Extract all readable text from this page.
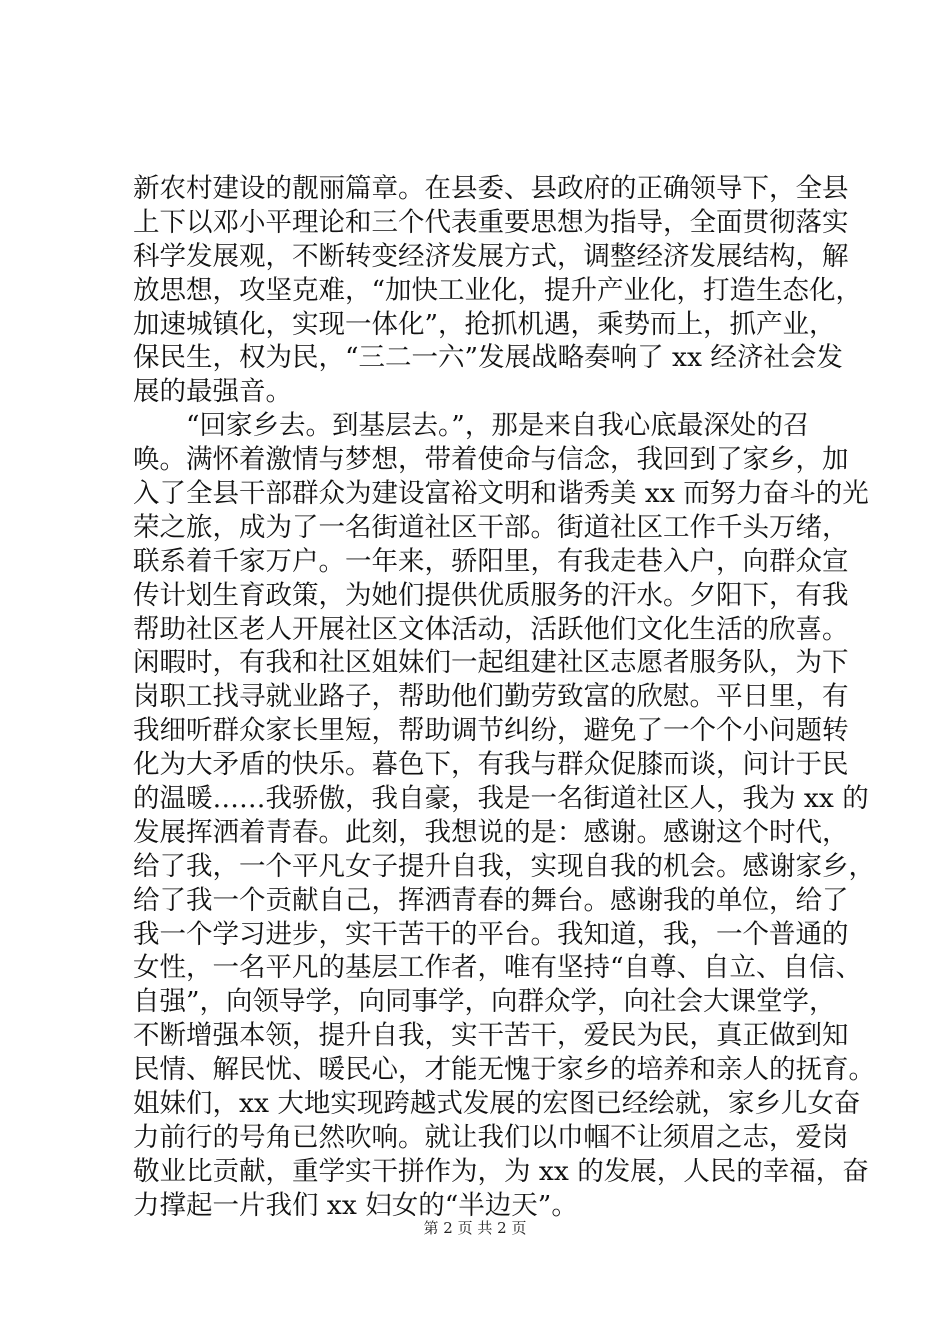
新农村建设的靓丽篇章。在县委、县政府的正确领导下，全县
上下以邓小平理论和三个代表重要思想为指导，全面贯彻落实
科学发展观，不断转变经济发展方式，调整经济发展结构，解
放思想，攻坚克难，“加快工业化，提升产业化，打造生态化，
加速城镇化，实现一体化”，抢抓机遇，乘势而上，抓产业，
保民生，权为民，“三二一六”发展战略奏响了 xx 经济社会发
展的最强音。
“回家乡去。到基层去。”，那是来自我心底最深处的召
唤。满怀着激情与梦想，带着使命与信念，我回到了家乡，加
入了全县干部群众为建设富裕文明和谐秀美 xx 而努力奋斗的光
荣之旅，成为了一名街道社区干部。街道社区工作千头万绪，
联系着千家万户。一年来，骄阳里，有我走巷入户，向群众宣
传计划生育政策，为她们提供优质服务的汗水。夕阳下，有我
帮助社区老人开展社区文体活动，活跃他们文化生活的欣喜。
闲暇时，有我和社区姐妹们一起组建社区志愿者服务队，为下
岗职工找寻就业路子，帮助他们勤劳致富的欣慰。平日里，有
我细听群众家长里短，帮助调节纠纷，避免了一个个小问题转
化为大矛盾的快乐。暮色下，有我与群众促膝而谈，问计于民
的温暖……我骄傲，我自豪，我是一名街道社区人，我为 xx 的
发展挥洒着青春。此刻，我想说的是：感谢。感谢这个时代，
给了我，一个平凡女子提升自我，实现自我的机会。感谢家乡，
给了我一个贡献自己，挥洒青春的舞台。感谢我的单位，给了
我一个学习进步，实干苦干的平台。我知道，我，一个普通的
女性，一名平凡的基层工作者，唯有坚持“自尊、自立、自信、
自强”，向领导学，向同事学，向群众学，向社会大课堂学，
不断增强本领，提升自我，实干苦干，爱民为民，真正做到知
民情、解民忧、暖民心，才能无愧于家乡的培养和亲人的抚育。
姐妹们，xx 大地实现跨越式发展的宏图已经绘就，家乡儿女奋
力前行的号角已然吹响。就让我们以巾帼不让须眉之志，爱岗
敬业比贡献，重学实干拼作为，为 xx 的发展，人民的幸福，奋
力撑起一片我们 xx 妇女的“半边天”。
第 2 页 共 2 页
